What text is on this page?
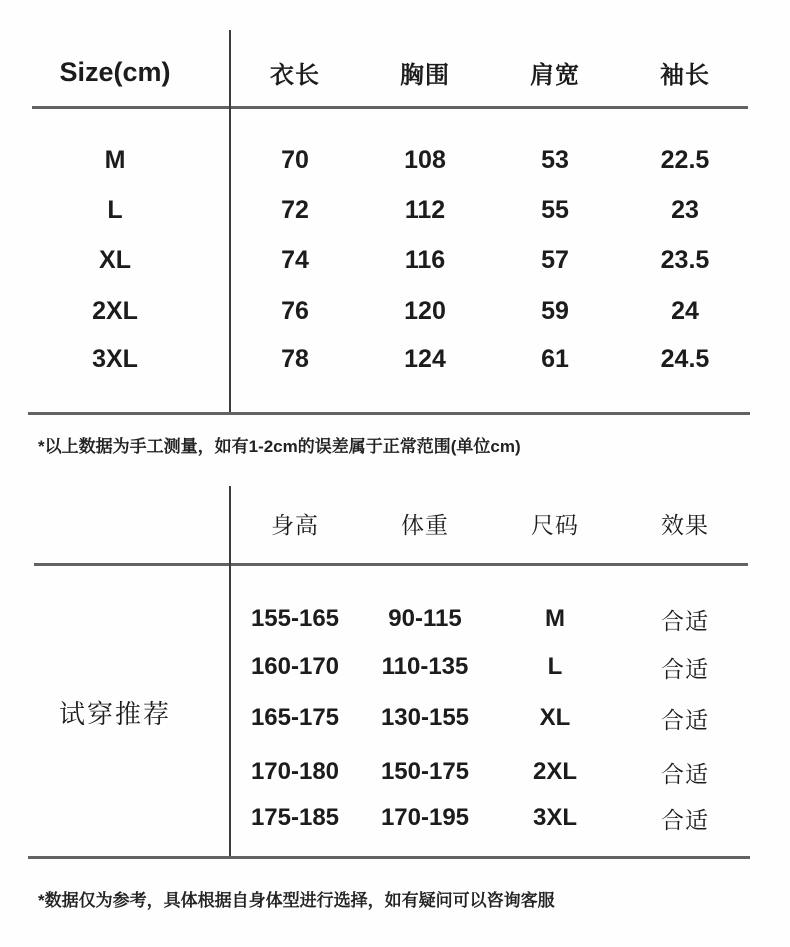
Size(cm)	衣长	胸围	肩宽	袖长
M	70	108	53	22.5
L	72	112	55	23
XL	74	116	57	23.5
2XL	76	120	59	24
3XL	78	124	61	24.5
*以上数据为手工测量，如有1-2cm的误差属于正常范围(单位cm)
身高	体重	尺码	效果
试穿推荐
155-165	90-115	M	合适
160-170	110-135	L	合适
165-175	130-155	XL	合适
170-180	150-175	2XL	合适
175-185	170-195	3XL	合适
*数据仅为参考，具体根据自身体型进行选择，如有疑问可以咨询客服
